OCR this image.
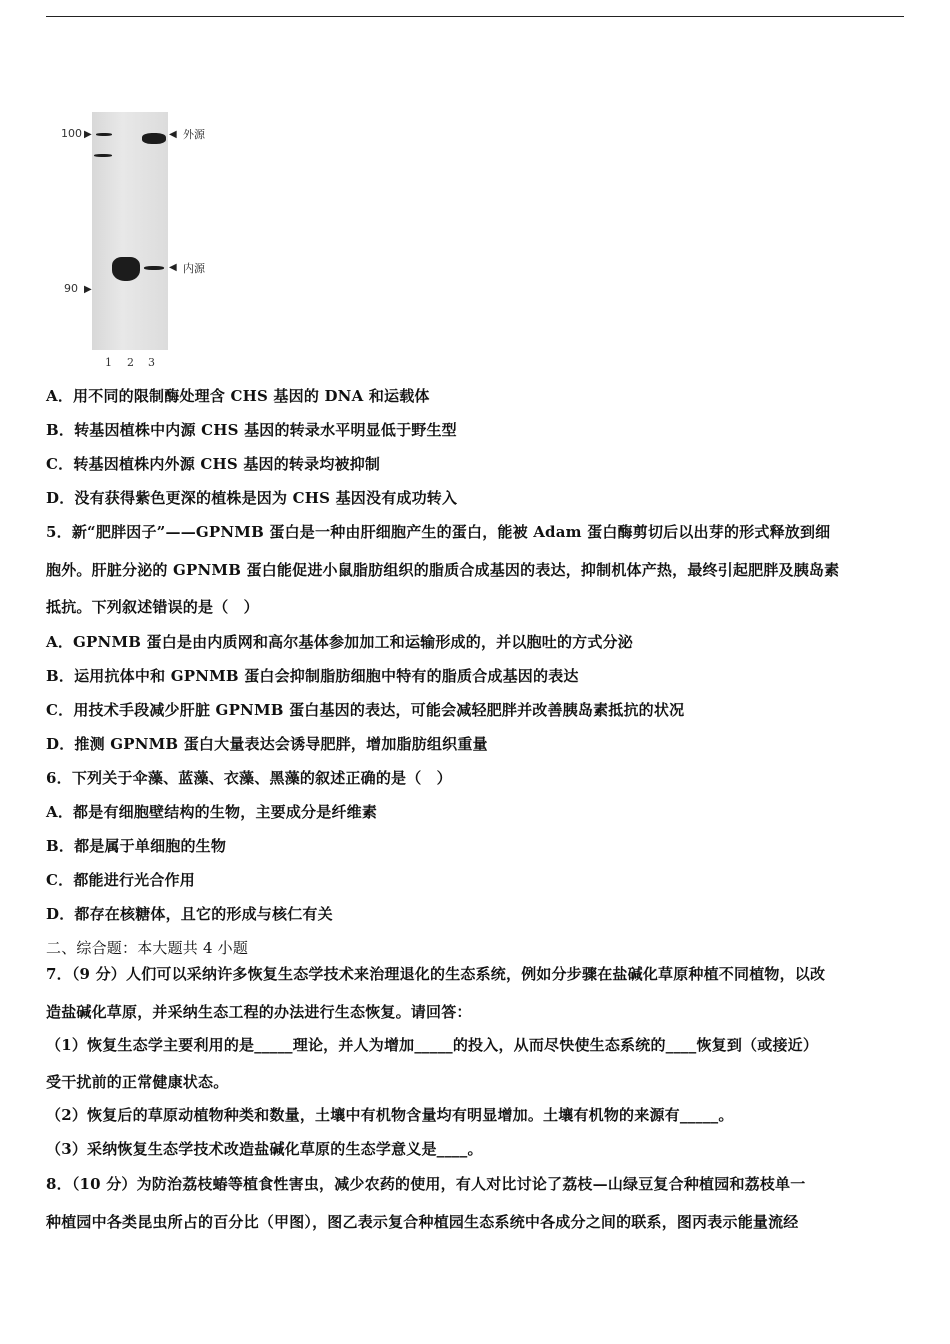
100 ▶
90 ▶
◀ 外源
◀ 内源
1 2 3
A．用不同的限制酶处理含 CHS 基因的 DNA 和运载体
B．转基因植株中内源 CHS 基因的转录水平明显低于野生型
C．转基因植株内外源 CHS 基因的转录均被抑制
D．没有获得紫色更深的植株是因为 CHS 基因没有成功转入
5．新“肥胖因子”——GPNMB 蛋白是一种由肝细胞产生的蛋白，能被 Adam 蛋白酶剪切后以出芽的形式释放到细
胞外。肝脏分泌的 GPNMB 蛋白能促进小鼠脂肪组织的脂质合成基因的表达，抑制机体产热，最终引起肥胖及胰岛素
抵抗。下列叙述错误的是（　）
A．GPNMB 蛋白是由内质网和高尔基体参加加工和运输形成的，并以胞吐的方式分泌
B．运用抗体中和 GPNMB 蛋白会抑制脂肪细胞中特有的脂质合成基因的表达
C．用技术手段减少肝脏 GPNMB 蛋白基因的表达，可能会减轻肥胖并改善胰岛素抵抗的状况
D．推测 GPNMB 蛋白大量表达会诱导肥胖，增加脂肪组织重量
6．下列关于伞藻、蓝藻、衣藻、黑藻的叙述正确的是（　）
A．都是有细胞壁结构的生物，主要成分是纤维素
B．都是属于单细胞的生物
C．都能进行光合作用
D．都存在核糖体，且它的形成与核仁有关
二、综合题：本大题共 4 小题
7．（9 分）人们可以采纳许多恢复生态学技术来治理退化的生态系统，例如分步骤在盐碱化草原种植不同植物，以改
造盐碱化草原，并采纳生态工程的办法进行生态恢复。请回答：
（1）恢复生态学主要利用的是_____理论，并人为增加_____的投入，从而尽快使生态系统的____恢复到（或接近）
受干扰前的正常健康状态。
（2）恢复后的草原动植物种类和数量，土壤中有机物含量均有明显增加。土壤有机物的来源有_____。
（3）采纳恢复生态学技术改造盐碱化草原的生态学意义是____。
8．（10 分）为防治荔枝蝽等植食性害虫，减少农药的使用，有人对比讨论了荔枝—山绿豆复合种植园和荔枝单一
种植园中各类昆虫所占的百分比（甲图），图乙表示复合种植园生态系统中各成分之间的联系，图丙表示能量流经
